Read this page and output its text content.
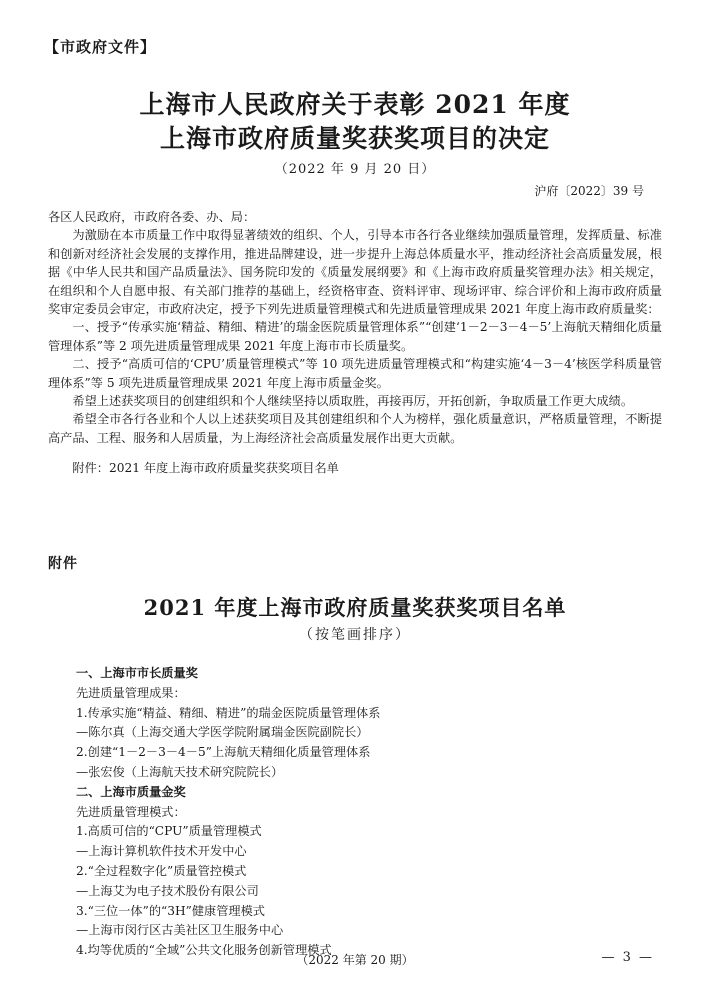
【市政府文件】
上海市人民政府关于表彰 2021 年度
上海市政府质量奖获奖项目的决定
（2022 年 9 月 20 日）
沪府〔2022〕39 号

各区人民政府，市政府各委、办、局：

为激励在本市质量工作中取得显著绩效的组织、个人，引导本市各行各业继续加强质量管理，发挥质量、标准和创新对经济社会发展的支撑作用，推进品牌建设，进一步提升上海总体质量水平，推动经济社会高质量发展，根据《中华人民共和国产品质量法》、国务院印发的《质量发展纲要》和《上海市政府质量奖管理办法》相关规定，在组织和个人自愿申报、有关部门推荐的基础上，经资格审查、资料评审、现场评审、综合评价和上海市政府质量奖审定委员会审定，市政府决定，授予下列先进质量管理模式和先进质量管理成果 2021 年度上海市政府质量奖：

一、授予“传承实施‘精益、精细、精进’的瑞金医院质量管理体系”“创建‘1－2－3－4－5’上海航天精细化质量管理体系”等 2 项先进质量管理成果 2021 年度上海市市长质量奖。

二、授予“高质可信的‘CPU’质量管理模式”等 10 项先进质量管理模式和“构建实施‘4－3－4’核医学科质量管理体系”等 5 项先进质量管理成果 2021 年度上海市质量金奖。

希望上述获奖项目的创建组织和个人继续坚持以质取胜，再接再厉，开拓创新，争取质量工作更大成绩。

希望全市各行各业和个人以上述获奖项目及其创建组织和个人为榜样，强化质量意识，严格质量管理，不断提高产品、工程、服务和人居质量，为上海经济社会高质量发展作出更大贡献。

附件：2021 年度上海市政府质量奖获奖项目名单

附件
2021 年度上海市政府质量奖获奖项目名单
（按笔画排序）
一、上海市市长质量奖
先进质量管理成果：
1.传承实施“精益、精细、精进”的瑞金医院质量管理体系
—陈尔真（上海交通大学医学院附属瑞金医院副院长）
2.创建“1－2－3－4－5”上海航天精细化质量管理体系
—张宏俊（上海航天技术研究院院长）
二、上海市质量金奖
先进质量管理模式：
1.高质可信的“CPU”质量管理模式
—上海计算机软件技术开发中心
2.“全过程数字化”质量管控模式
—上海艾为电子技术股份有限公司
3.“三位一体”的“3H”健康管理模式
—上海市闵行区古美社区卫生服务中心
4.均等优质的“全域”公共文化服务创新管理模式
（2022 年第 20 期）	— 3 —
